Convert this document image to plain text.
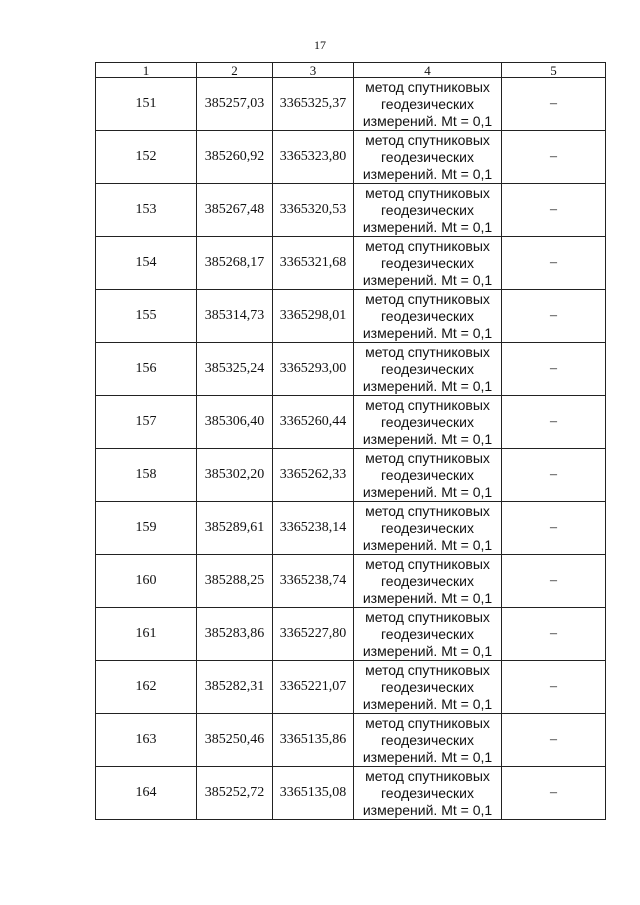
17
1	2	3	4	5
151	385257,03	3365325,37	метод спутниковых
геодезических
измерений. Mt = 0,1	–
152	385260,92	3365323,80	метод спутниковых
геодезических
измерений. Mt = 0,1	–
153	385267,48	3365320,53	метод спутниковых
геодезических
измерений. Mt = 0,1	–
154	385268,17	3365321,68	метод спутниковых
геодезических
измерений. Mt = 0,1	–
155	385314,73	3365298,01	метод спутниковых
геодезических
измерений. Mt = 0,1	–
156	385325,24	3365293,00	метод спутниковых
геодезических
измерений. Mt = 0,1	–
157	385306,40	3365260,44	метод спутниковых
геодезических
измерений. Mt = 0,1	–
158	385302,20	3365262,33	метод спутниковых
геодезических
измерений. Mt = 0,1	–
159	385289,61	3365238,14	метод спутниковых
геодезических
измерений. Mt = 0,1	–
160	385288,25	3365238,74	метод спутниковых
геодезических
измерений. Mt = 0,1	–
161	385283,86	3365227,80	метод спутниковых
геодезических
измерений. Mt = 0,1	–
162	385282,31	3365221,07	метод спутниковых
геодезических
измерений. Mt = 0,1	–
163	385250,46	3365135,86	метод спутниковых
геодезических
измерений. Mt = 0,1	–
164	385252,72	3365135,08	метод спутниковых
геодезических
измерений. Mt = 0,1	–
